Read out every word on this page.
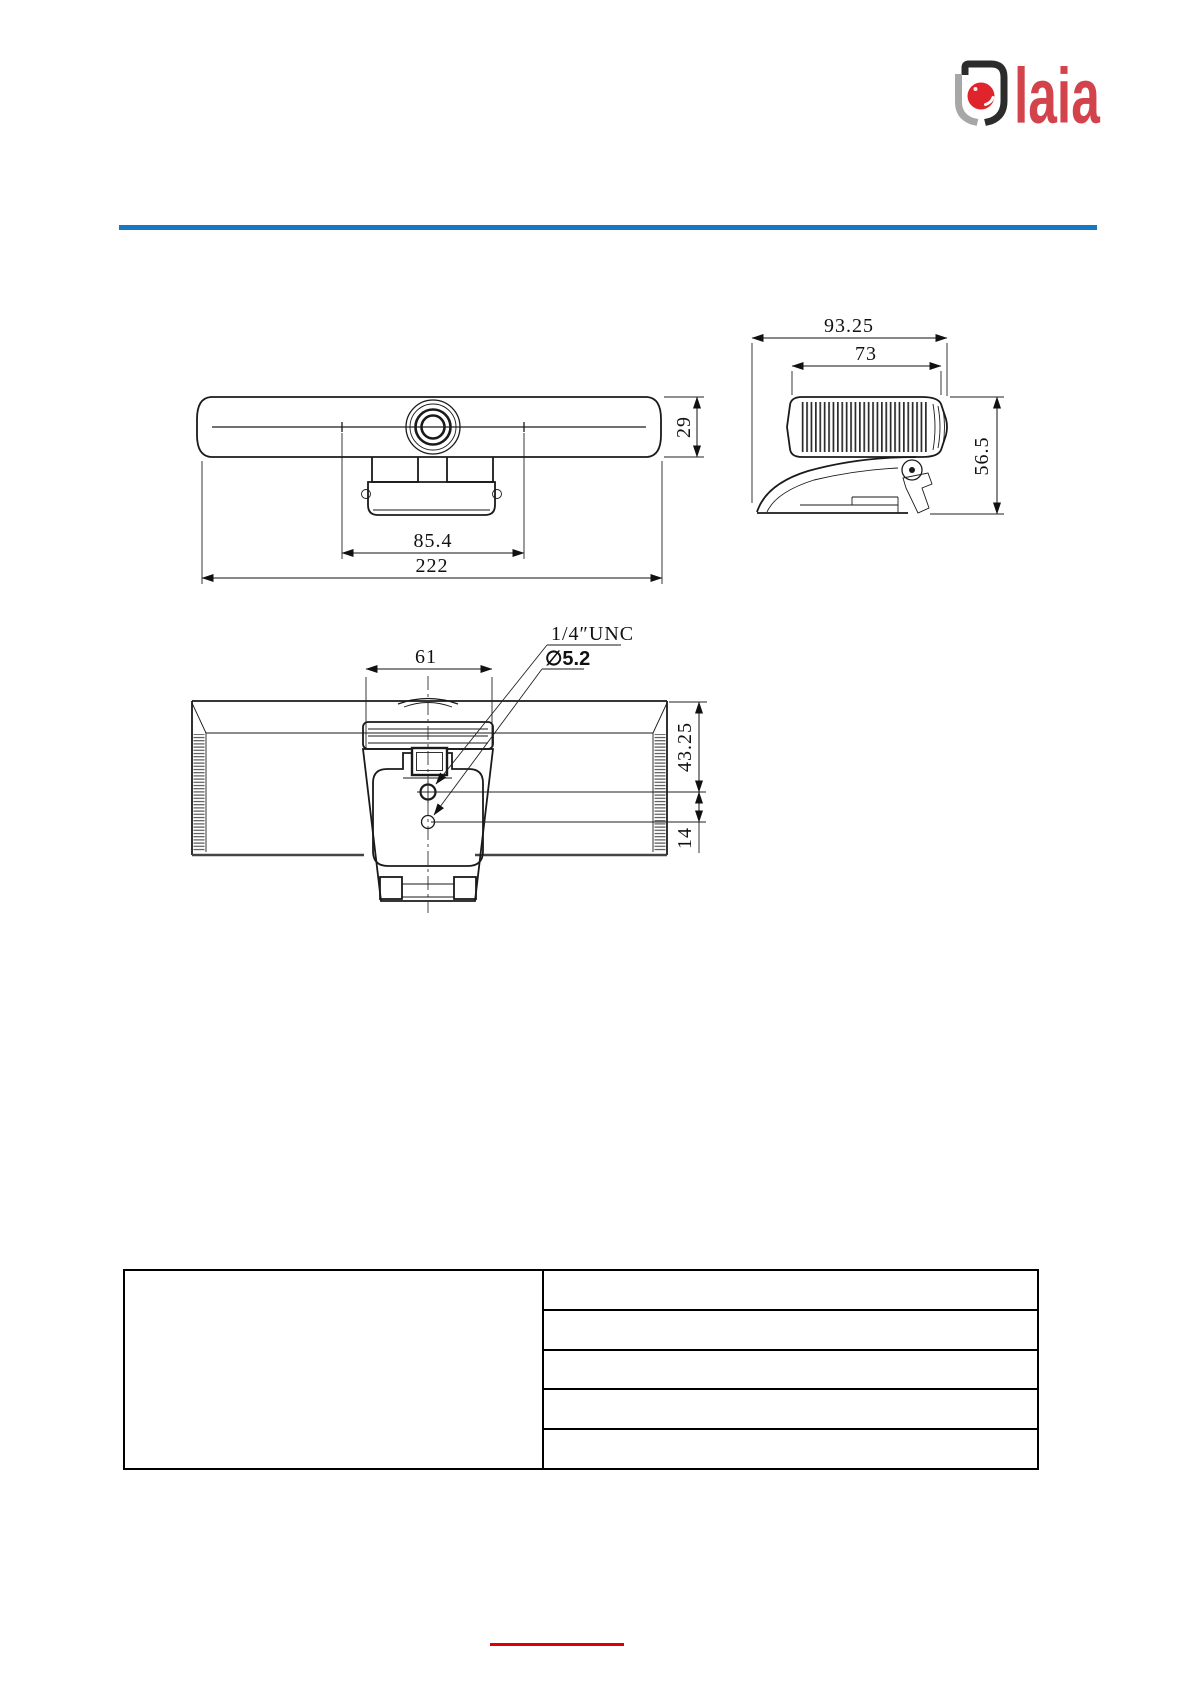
laia
85.4
222
29
93.25
73
56.5
61
1/4″UNC
∅5.2
43.25
14
